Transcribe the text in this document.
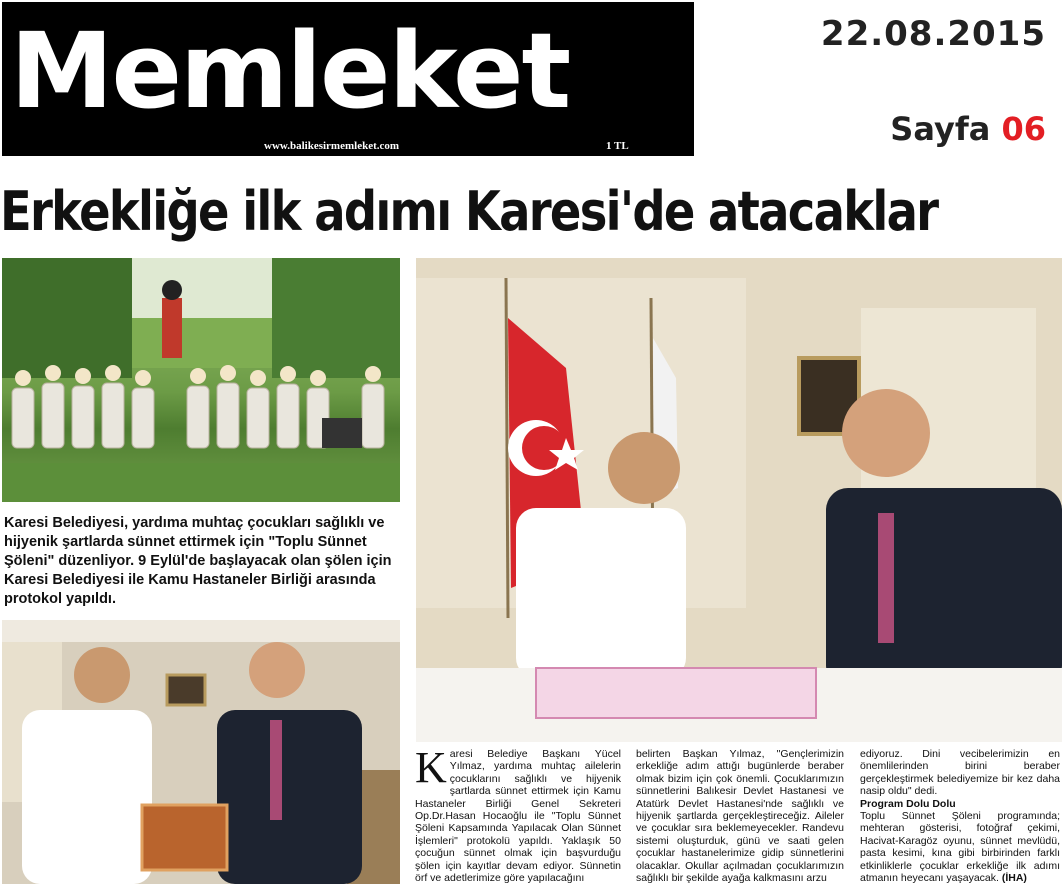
Memleket
www.balikesirmemleket.com	1 TL
22.08.2015
Sayfa 06
Erkekliğe ilk adımı Karesi'de atacaklar
Karesi Belediyesi, yardıma muhtaç çocukları sağlıklı ve hijyenik şartlarda sünnet ettirmek için "Toplu Sünnet Şöleni" düzenliyor. 9 Eylül'de başlayacak olan şölen için Karesi Belediyesi ile Kamu Hastaneler Birliği arasında protokol yapıldı.
Karesi Belediye Başkanı Yücel Yılmaz, yardıma muhtaç ailelerin çocuklarını sağlıklı ve hijyenik şartlarda sünnet ettirmek için Kamu Hastaneler Birliği Genel Sekreteri Op.Dr.Hasan Hocaoğlu ile "Toplu Sünnet Şöleni Kapsamında Yapılacak Olan Sünnet İşlemleri" protokolü yapıldı. Yaklaşık 50 çocuğun sünnet olmak için başvurduğu şölen için kayıtlar devam ediyor. Sünnetin örf ve adetlerimize göre yapılacağını
belirten Başkan Yılmaz, "Gençlerimizin erkekliğe adım attığı bugünlerde beraber olmak bizim için çok önemli. Çocuklarımızın sünnetlerini Balıkesir Devlet Hastanesi ve Atatürk Devlet Hastanesi'nde sağlıklı ve hijyenik şartlarda gerçekleştireceğiz. Aileler ve çocuklar sıra beklemeyecekler. Randevu sistemi oluşturduk, günü ve saati gelen çocuklar hastanelerimize gidip sünnetlerini olacaklar. Okullar açılmadan çocuklarımızın sağlıklı bir şekilde ayağa kalkmasını arzu
ediyoruz. Dini vecibelerimizin en önemlilerinden birini beraber gerçekleştirmek belediyemize bir kez daha nasip oldu" dedi.
Program Dolu Dolu
Toplu Sünnet Şöleni programında; mehteran gösterisi, fotoğraf çekimi, Hacivat-Karagöz oyunu, sünnet mevlüdü, pasta kesimi, kına gibi birbirinden farklı etkinliklerle çocuklar erkekliğe ilk adımı atmanın heyecanı yaşayacak. (İHA)
